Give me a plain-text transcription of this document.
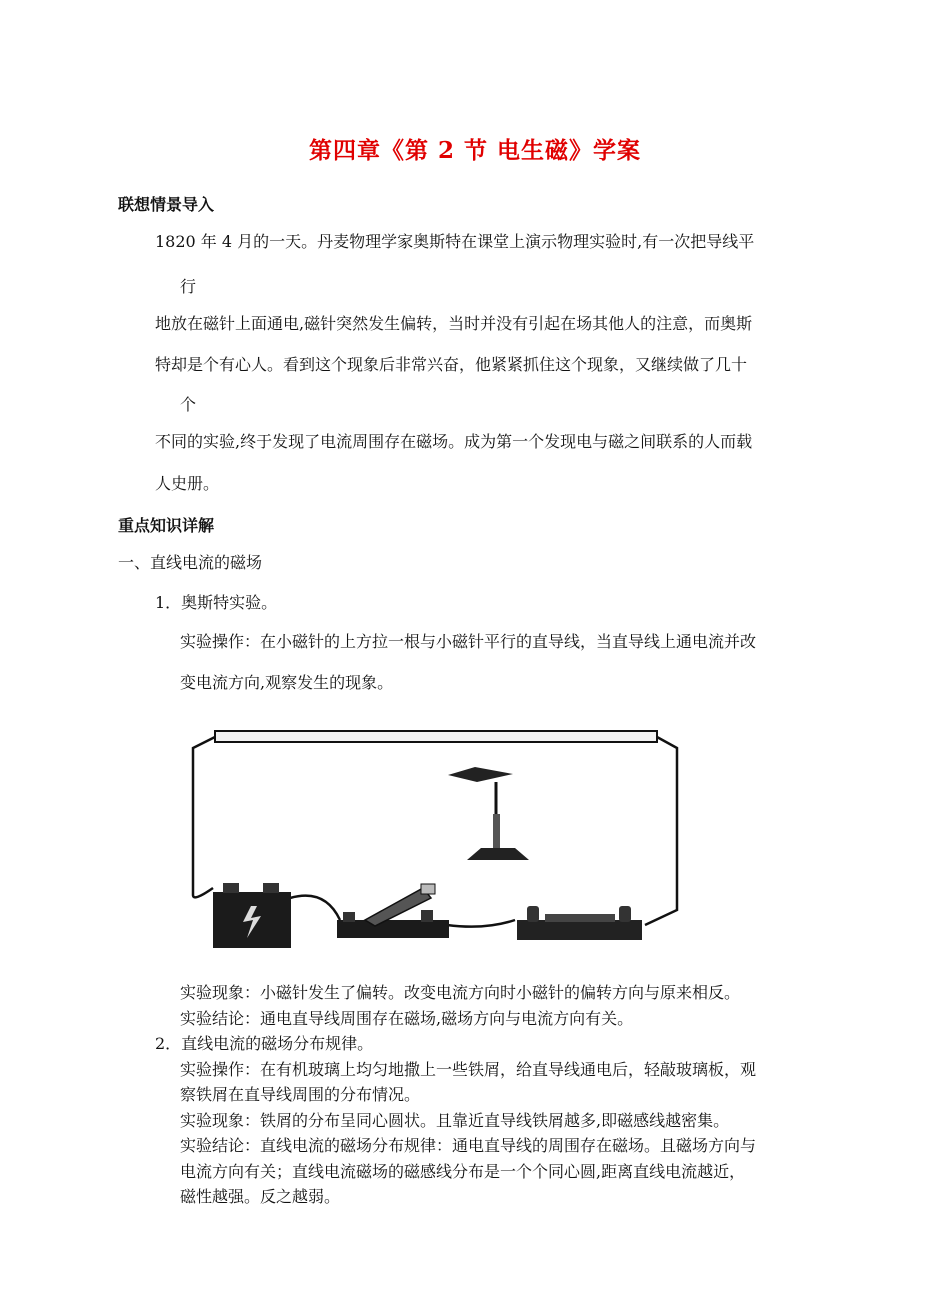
第四章《第 2 节 电生磁》学案
联想情景导入

1820 年 4 月的一天。丹麦物理学家奥斯特在课堂上演示物理实验时,有一次把导线平

行

地放在磁针上面通电,磁针突然发生偏转，当时并没有引起在场其他人的注意，而奥斯

特却是个有心人。看到这个现象后非常兴奋，他紧紧抓住这个现象，又继续做了几十

个

不同的实验,终于发现了电流周围存在磁场。成为第一个发现电与磁之间联系的人而载

人史册。

重点知识详解

一、直线电流的磁场

1．奥斯特实验。

实验操作：在小磁针的上方拉一根与小磁针平行的直导线，当直导线上通电流并改

变电流方向,观察发生的现象。

实验现象：小磁针发生了偏转。改变电流方向时小磁针的偏转方向与原来相反。

实验结论：通电直导线周围存在磁场,磁场方向与电流方向有关。

2．直线电流的磁场分布规律。

实验操作：在有机玻璃上均匀地撒上一些铁屑，给直导线通电后，轻敲玻璃板，观

察铁屑在直导线周围的分布情况。

实验现象：铁屑的分布呈同心圆状。且靠近直导线铁屑越多,即磁感线越密集。

实验结论：直线电流的磁场分布规律：通电直导线的周围存在磁场。且磁场方向与

电流方向有关；直线电流磁场的磁感线分布是一个个同心圆,距离直线电流越近，

磁性越强。反之越弱。
